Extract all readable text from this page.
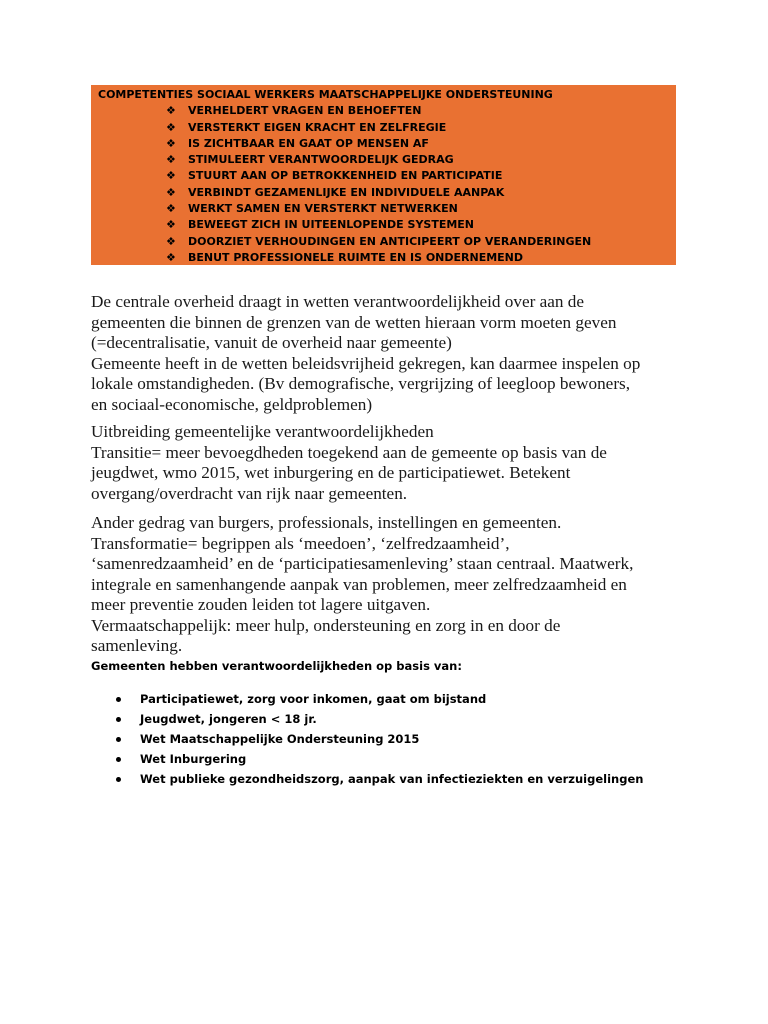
COMPETENTIES SOCIAAL WERKERS MAATSCHAPPELIJKE ONDERSTEUNING
❖	VERHELDERT VRAGEN EN BEHOEFTEN
❖	VERSTERKT EIGEN KRACHT EN ZELFREGIE
❖	IS ZICHTBAAR EN GAAT OP MENSEN AF
❖	STIMULEERT VERANTWOORDELIJK GEDRAG
❖	STUURT AAN OP BETROKKENHEID EN PARTICIPATIE
❖	VERBINDT GEZAMENLIJKE EN INDIVIDUELE AANPAK
❖	WERKT SAMEN EN VERSTERKT NETWERKEN
❖	BEWEEGT ZICH IN UITEENLOPENDE SYSTEMEN
❖	DOORZIET VERHOUDINGEN EN ANTICIPEERT OP VERANDERINGEN
❖	BENUT PROFESSIONELE RUIMTE EN IS ONDERNEMEND

De centrale overheid draagt in wetten verantwoordelijkheid over aan de

gemeenten die binnen de grenzen van de wetten hieraan vorm moeten geven

(=decentralisatie, vanuit de overheid naar gemeente)

Gemeente heeft in de wetten beleidsvrijheid gekregen, kan daarmee inspelen op

lokale omstandigheden. (Bv demografische, vergrijzing of leegloop bewoners,

en sociaal-economische, geldproblemen)

Uitbreiding gemeentelijke verantwoordelijkheden

Transitie= meer bevoegdheden toegekend aan de gemeente op basis van de

jeugdwet, wmo 2015, wet inburgering en de participatiewet. Betekent

overgang/overdracht van rijk naar gemeenten.

Ander gedrag van burgers, professionals, instellingen en gemeenten.

Transformatie= begrippen als ‘meedoen’, ‘zelfredzaamheid’,

‘samenredzaamheid’ en de ‘participatiesamenleving’ staan centraal. Maatwerk,

integrale en samenhangende aanpak van problemen, meer zelfredzaamheid en

meer preventie zouden leiden tot lagere uitgaven.

Vermaatschappelijk: meer hulp, ondersteuning en zorg in en door de

samenleving.

Gemeenten hebben verantwoordelijkheden op basis van:
Participatiewet, zorg voor inkomen, gaat om bijstand
Jeugdwet, jongeren < 18 jr.
Wet Maatschappelijke Ondersteuning 2015
Wet Inburgering
Wet publieke gezondheidszorg, aanpak van infectieziekten en verzuigelingen
